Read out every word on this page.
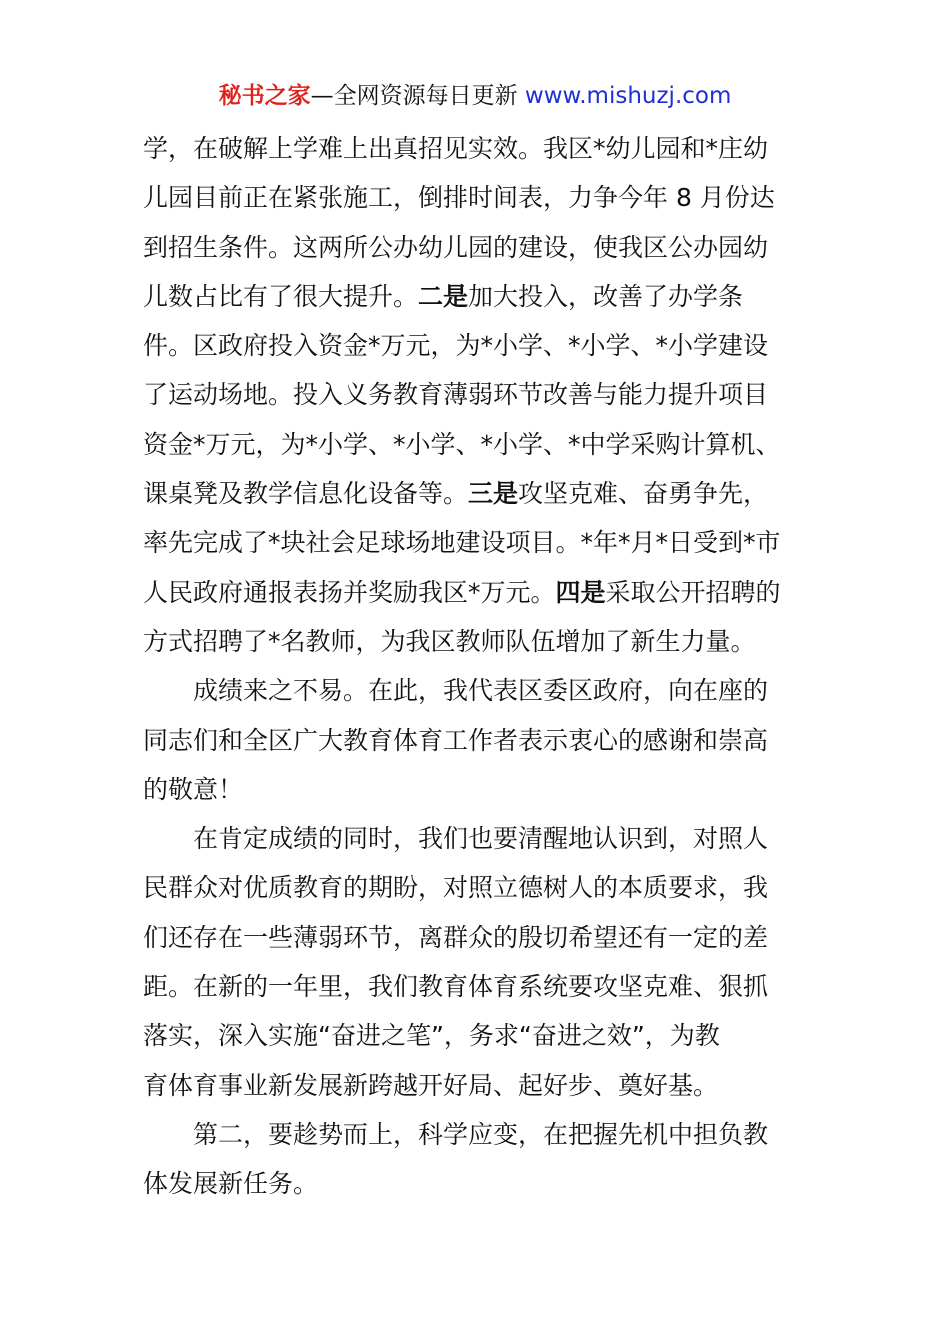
秘书之家—全网资源每日更新 www.mishuzj.com
学，在破解上学难上出真招见实效。我区*幼儿园和*庄幼
儿园目前正在紧张施工，倒排时间表，力争今年 8 月份达
到招生条件。这两所公办幼儿园的建设，使我区公办园幼
儿数占比有了很大提升。二是加大投入，改善了办学条
件。区政府投入资金*万元，为*小学、*小学、*小学建设
了运动场地。投入义务教育薄弱环节改善与能力提升项目
资金*万元，为*小学、*小学、*小学、*中学采购计算机、
课桌凳及教学信息化设备等。三是攻坚克难、奋勇争先，
率先完成了*块社会足球场地建设项目。*年*月*日受到*市
人民政府通报表扬并奖励我区*万元。四是采取公开招聘的
方式招聘了*名教师，为我区教师队伍增加了新生力量。
成绩来之不易。在此，我代表区委区政府，向在座的
同志们和全区广大教育体育工作者表示衷心的感谢和崇高
的敬意！
在肯定成绩的同时，我们也要清醒地认识到，对照人
民群众对优质教育的期盼，对照立德树人的本质要求，我
们还存在一些薄弱环节，离群众的殷切希望还有一定的差
距。在新的一年里，我们教育体育系统要攻坚克难、狠抓
落实，深入实施“奋进之笔”，务求“奋进之效”，为教
育体育事业新发展新跨越开好局、起好步、奠好基。
第二，要趁势而上，科学应变，在把握先机中担负教
体发展新任务。
